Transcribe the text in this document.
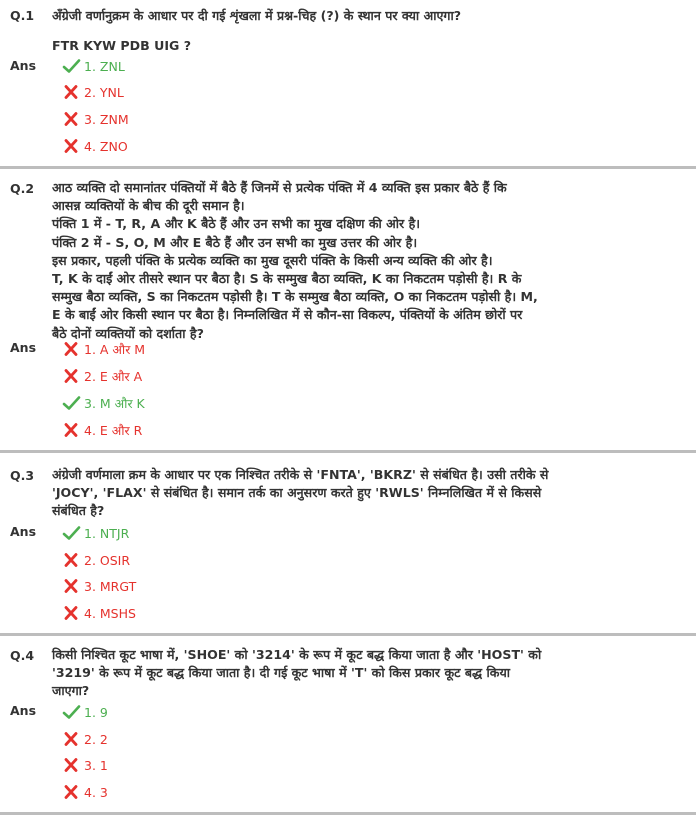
Q.1 अँग्रेजी वर्णानुक्रम के आधार पर दी गई शृंखला में प्रश्न-चिह (?) के स्थान पर क्या आएगा?
FTR KYW PDB UIG ?
Ans	1. ZNL
2. YNL
3. ZNM
4. ZNO
Q.2 आठ व्यक्ति दो समानांतर पंक्तियों में बैठे हैं जिनमें से प्रत्येक पंक्ति में 4 व्यक्ति इस प्रकार बैठे हैं कि
आसन्न व्यक्तियों के बीच की दूरी समान है।
पंक्ति 1 में - T, R, A और K बैठे हैं और उन सभी का मुख दक्षिण की ओर है।
पंक्ति 2 में - S, O, M और E बैठे हैं और उन सभी का मुख उत्तर की ओर है।
इस प्रकार, पहली पंक्ति के प्रत्येक व्यक्ति का मुख दूसरी पंक्ति के किसी अन्य व्यक्ति की ओर है।
T, K के दाईं ओर तीसरे स्थान पर बैठा है। S के सम्मुख बैठा व्यक्ति, K का निकटतम पड़ोसी है। R के
सम्मुख बैठा व्यक्ति, S का निकटतम पड़ोसी है। T के सम्मुख बैठा व्यक्ति, O का निकटतम पड़ोसी है। M,
E के बाईं ओर किसी स्थान पर बैठा है। निम्नलिखित में से कौन-सा विकल्प, पंक्तियों के अंतिम छोरों पर
बैठे दोनों व्यक्तियों को दर्शाता है?
Ans	1. A और M
2. E और A
3. M और K
4. E और R
Q.3 अंग्रेजी वर्णमाला क्रम के आधार पर एक निश्चित तरीके से 'FNTA', 'BKRZ' से संबंधित है। उसी तरीके से
'JOCY', 'FLAX' से संबंधित है। समान तर्क का अनुसरण करते हुए 'RWLS' निम्नलिखित में से किससे
संबंधित है?
Ans	1. NTJR
2. OSIR
3. MRGT
4. MSHS
Q.4 किसी निश्चित कूट भाषा में, 'SHOE' को '3214' के रूप में कूट बद्ध किया जाता है और 'HOST' को
'3219' के रूप में कूट बद्ध किया जाता है। दी गई कूट भाषा में 'T' को किस प्रकार कूट बद्ध किया
जाएगा?
Ans	1. 9
2. 2
3. 1
4. 3
